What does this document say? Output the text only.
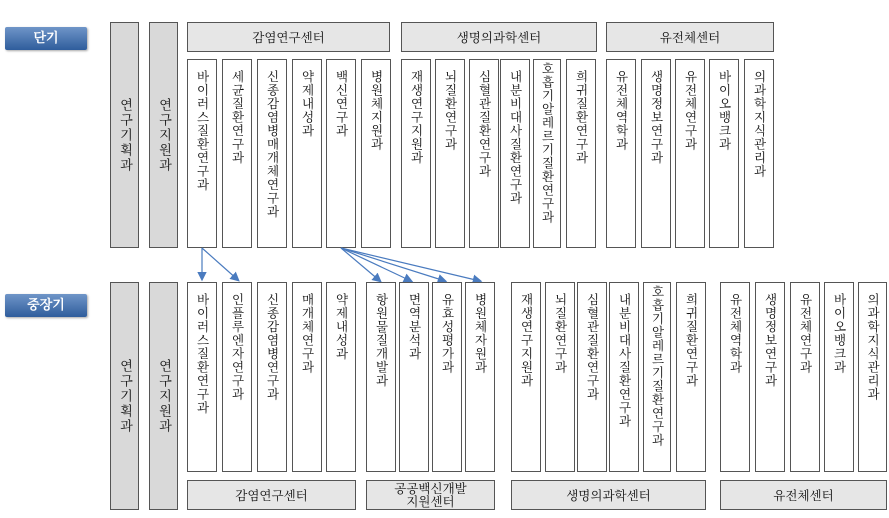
단기
연구기획과 연구지원과
감염연구센터	생명의과학센터	유전체센터
바이러스질환연구과 세균질환연구과 신종감염병매개체연구과 약제내성과 백신연구과 병원체지원과 재생연구지원과 뇌질환연구과 심혈관질환연구과 내분비대사질환연구과 호흡기알레르기질환연구과 희귀질환연구과 유전체역학과 생명정보연구과 유전체연구과 바이오뱅크과 의과학지식관리과
중장기
연구기획과 연구지원과 바이러스질환연구과 인플루엔자연구과 신종감염병연구과 매개체연구과 약제내성과 항원물질개발과 면역분석과 유효성평가과 병원체자원과 재생연구지원과 뇌질환연구과 심혈관질환연구과 내분비대사질환연구과 호흡기알레르기질환연구과 희귀질환연구과 유전체역학과 생명정보연구과 유전체연구과 바이오뱅크과 의과학지식관리과
감염연구센터	공공백신개발
지원센터	생명의과학센터	유전체센터
